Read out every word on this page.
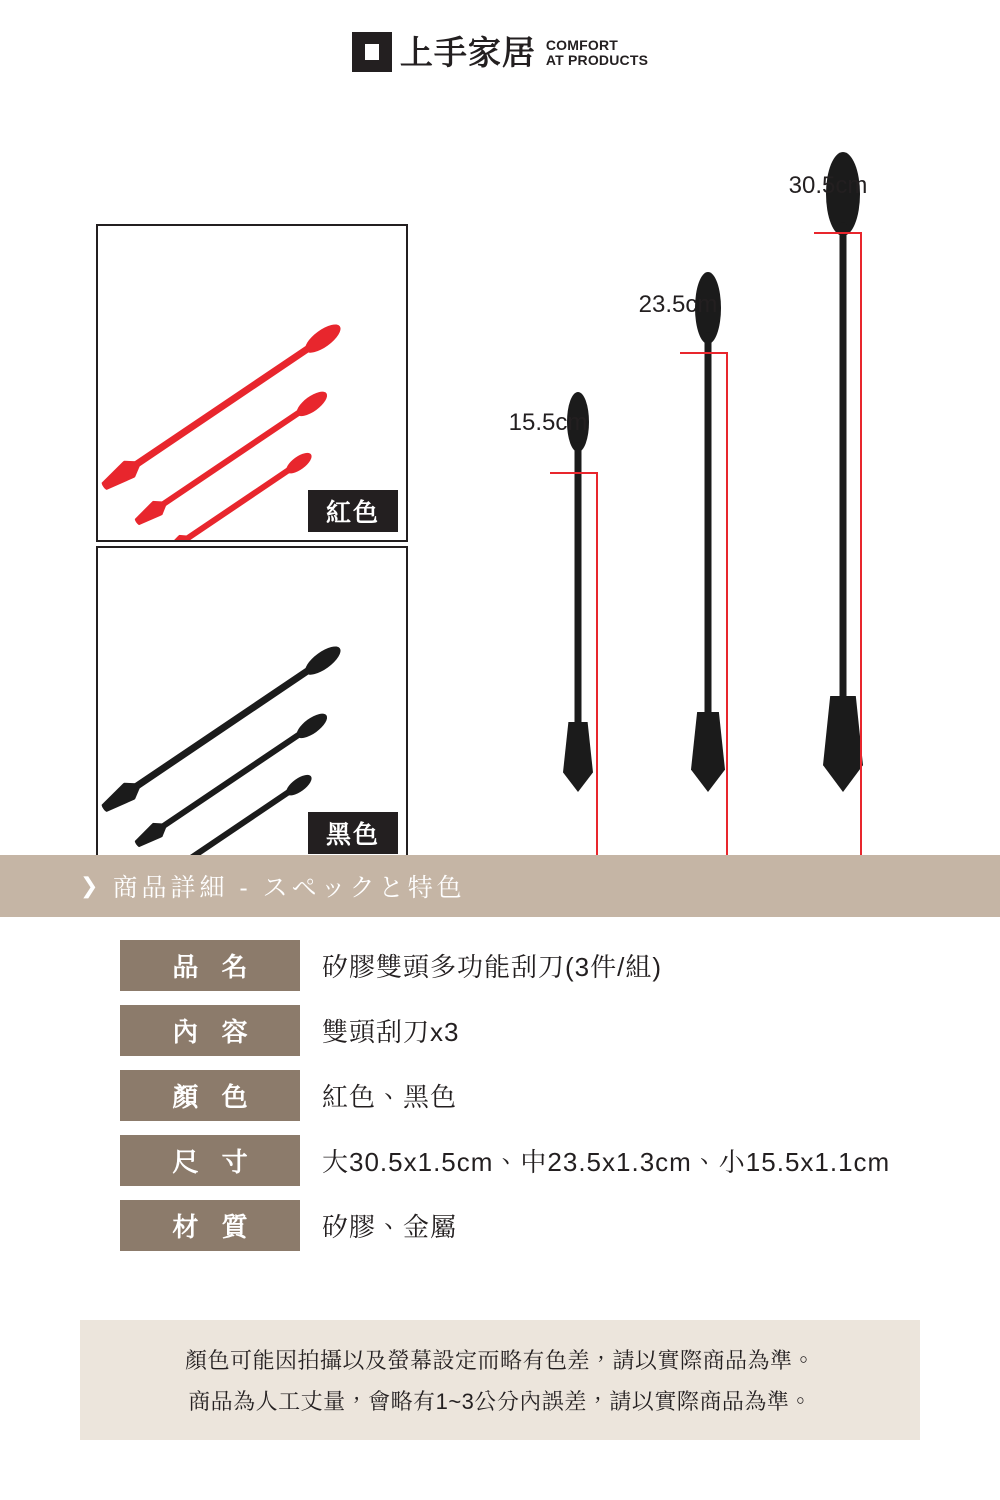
上手家居 COMFORT
AT PRODUCTS
紅色
黑色
15.5cm
23.5cm
30.5cm
❯ 商品詳細 - スペックと特色
品 名	矽膠雙頭多功能刮刀(3件/組)
內 容	雙頭刮刀x3
顏 色	紅色、黑色
尺 寸	大30.5x1.5cm、中23.5x1.3cm、小15.5x1.1cm
材 質	矽膠、金屬

顏色可能因拍攝以及螢幕設定而略有色差，請以實際商品為準。

商品為人工丈量，會略有1~3公分內誤差，請以實際商品為準。
